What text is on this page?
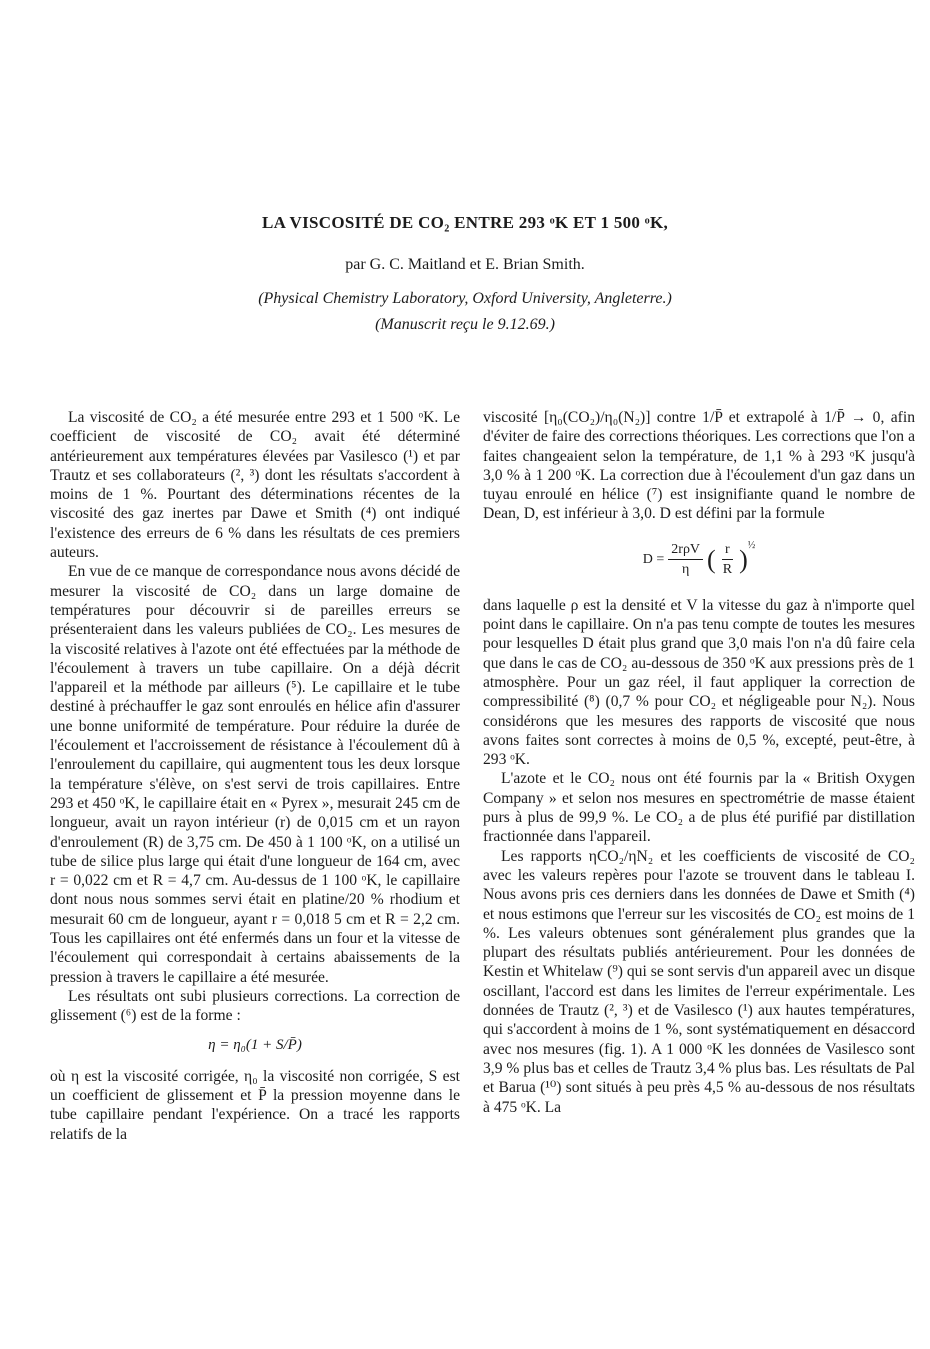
LA VISCOSITÉ DE CO₂ ENTRE 293 ᵒK ET 1 500 ᵒK,
par G. C. Maitland et E. Brian Smith.
(Physical Chemistry Laboratory, Oxford University, Angleterre.)
(Manuscrit reçu le 9.12.69.)

La viscosité de CO₂ a été mesurée entre 293 et 1 500 ᵒK. Le coefficient de viscosité de CO₂ avait été déterminé antérieurement aux températures élevées par Vasilesco (¹) et par Trautz et ses collaborateurs (², ³) dont les résultats s'accordent à moins de 1 %. Pourtant des déterminations récentes de la viscosité des gaz inertes par Dawe et Smith (⁴) ont indiqué l'existence des erreurs de 6 % dans les résultats de ces premiers auteurs.

En vue de ce manque de correspondance nous avons décidé de mesurer la viscosité de CO₂ dans un large domaine de températures pour découvrir si de pareilles erreurs se présenteraient dans les valeurs publiées de CO₂. Les mesures de la viscosité relatives à l'azote ont été effectuées par la méthode de l'écoulement à travers un tube capillaire. On a déjà décrit l'appareil et la méthode par ailleurs (⁵). Le capillaire et le tube destiné à préchauffer le gaz sont enroulés en hélice afin d'assurer une bonne uniformité de température. Pour réduire la durée de l'écoulement et l'accroissement de résistance à l'écoulement dû à l'enroulement du capillaire, qui augmentent tous les deux lorsque la température s'élève, on s'est servi de trois capillaires. Entre 293 et 450 ᵒK, le capillaire était en « Pyrex », mesurait 245 cm de longueur, avait un rayon intérieur (r) de 0,015 cm et un rayon d'enroulement (R) de 3,75 cm. De 450 à 1 100 ᵒK, on a utilisé un tube de silice plus large qui était d'une longueur de 164 cm, avec r = 0,022 cm et R = 4,7 cm. Au-dessus de 1 100 ᵒK, le capillaire dont nous nous sommes servi était en platine/20 % rhodium et mesurait 60 cm de longueur, ayant r = 0,018 5 cm et R = 2,2 cm. Tous les capillaires ont été enfermés dans un four et la vitesse de l'écoulement qui correspondait à certains abaissements de la pression à travers le capillaire a été mesurée.

Les résultats ont subi plusieurs corrections. La correction de glissement (⁶) est de la forme :

η = η₀(1 + S/P̄)

où η est la viscosité corrigée, η₀ la viscosité non corrigée, S est un coefficient de glissement et P̄ la pression moyenne dans le tube capillaire pendant l'expérience. On a tracé les rapports relatifs de la

viscosité [η₀(CO₂)/η₀(N₂)] contre 1/P̄ et extrapolé à 1/P̄ → 0, afin d'éviter de faire des corrections théoriques. Les corrections que l'on a faites changeaient selon la température, de 1,1 % à 293 ᵒK jusqu'à 3,0 % à 1 200 ᵒK. La correction due à l'écoulement d'un gaz dans un tuyau enroulé en hélice (⁷) est insignifiante quand le nombre de Dean, D, est inférieur à 3,0. D est défini par la formule

$D = \frac{\text{2rρV}}{\eta}$ ( $\frac{r}{R} )^{\frac{1}{2}}$

dans laquelle ρ est la densité et V la vitesse du gaz à n'importe quel point dans le capillaire. On n'a pas tenu compte de toutes les mesures pour lesquelles D était plus grand que 3,0 mais l'on n'a dû faire cela que dans le cas de CO₂ au-dessous de 350 ᵒK aux pressions près de 1 atmosphère. Pour un gaz réel, il faut appliquer la correction de compressibilité (⁸) (0,7 % pour CO₂ et négligeable pour N₂). Nous considérons que les mesures des rapports de viscosité que nous avons faites sont correctes à moins de 0,5 %, excepté, peut-être, à 293 ᵒK.

L'azote et le CO₂ nous ont été fournis par la « British Oxygen Company » et selon nos mesures en spectrométrie de masse étaient purs à plus de 99,9 %. Le CO₂ a de plus été purifié par distillation fractionnée dans l'appareil.

Les rapports ηCO₂/ηN₂ et les coefficients de viscosité de CO₂ avec les valeurs repères pour l'azote se trouvent dans le tableau I. Nous avons pris ces derniers dans les données de Dawe et Smith (⁴) et nous estimons que l'erreur sur les viscosités de CO₂ est moins de 1 %. Les valeurs obtenues sont généralement plus grandes que la plupart des résultats publiés antérieurement. Pour les données de Kestin et Whitelaw (⁹) qui se sont servis d'un appareil avec un disque oscillant, l'accord est dans les limites de l'erreur expérimentale. Les données de Trautz (², ³) et de Vasilesco (¹) aux hautes températures, qui s'accordent à moins de 1 %, sont systématiquement en désaccord avec nos mesures (fig. 1). A 1 000 ᵒK les données de Vasilesco sont 3,9 % plus bas et celles de Trautz 3,4 % plus bas. Les résultats de Pal et Barua (¹⁰) sont situés à peu près 4,5 % au-dessous de nos résultats à 475 ᵒK. La
